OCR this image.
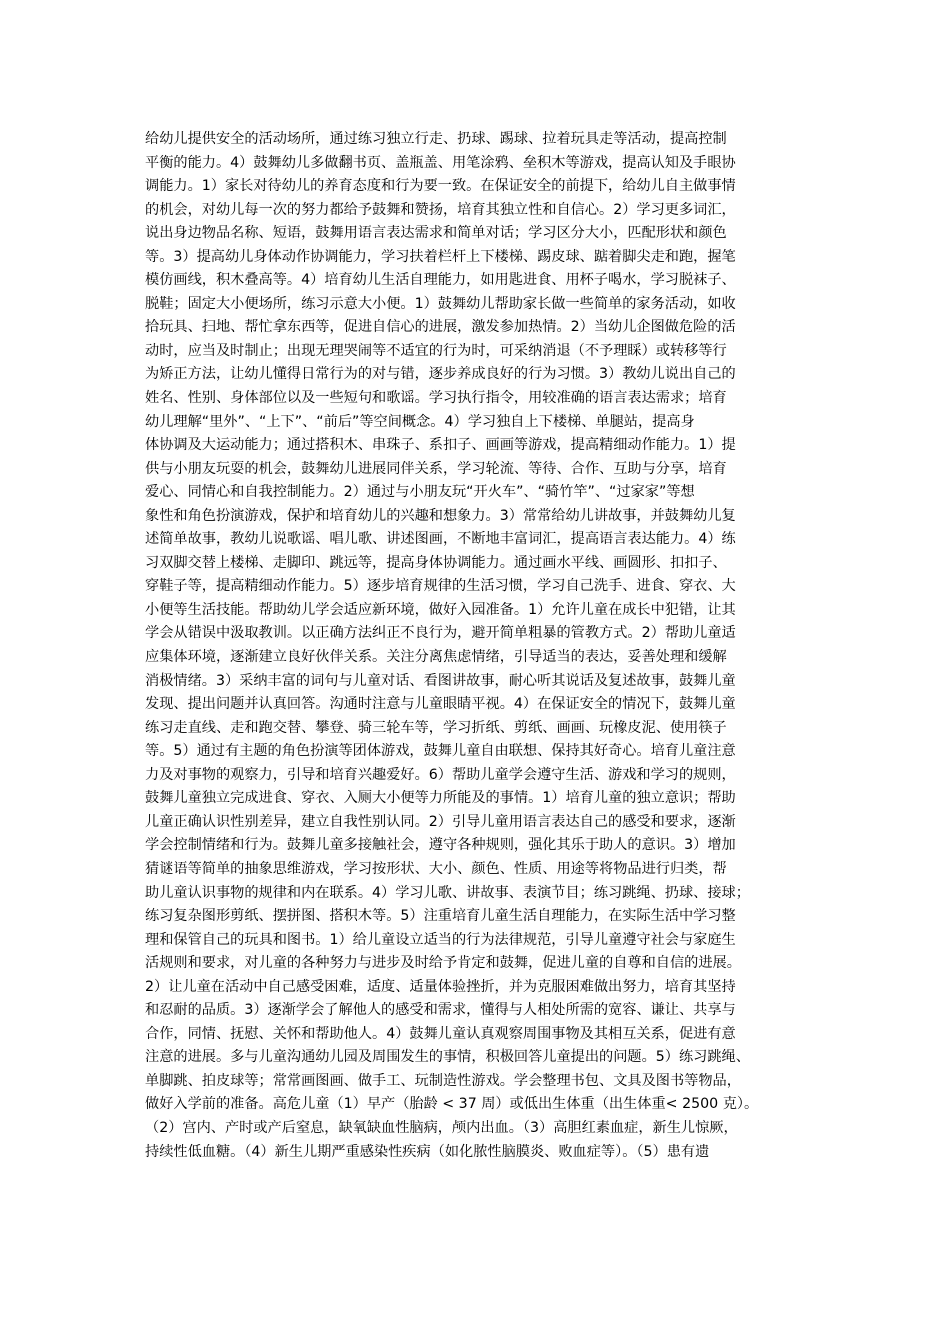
给幼儿提供安全的活动场所，通过练习独立行走、扔球、踢球、拉着玩具走等活动，提高控制
平衡的能力。4）鼓舞幼儿多做翻书页、盖瓶盖、用笔涂鸦、垒积木等游戏，提高认知及手眼协
调能力。1）家长对待幼儿的养育态度和行为要一致。在保证安全的前提下，给幼儿自主做事情
的机会，对幼儿每一次的努力都给予鼓舞和赞扬，培育其独立性和自信心。2）学习更多词汇，
说出身边物品名称、短语，鼓舞用语言表达需求和简单对话；学习区分大小，匹配形状和颜色
等。3）提高幼儿身体动作协调能力，学习扶着栏杆上下楼梯、踢皮球、踮着脚尖走和跑，握笔
模仿画线，积木叠高等。4）培育幼儿生活自理能力，如用匙进食、用杯子喝水，学习脱袜子、
脱鞋；固定大小便场所，练习示意大小便。1）鼓舞幼儿帮助家长做一些简单的家务活动，如收
拾玩具、扫地、帮忙拿东西等，促进自信心的进展，激发参加热情。2）当幼儿企图做危险的活
动时，应当及时制止；出现无理哭闹等不适宜的行为时，可采纳消退（不予理睬）或转移等行
为矫正方法，让幼儿懂得日常行为的对与错，逐步养成良好的行为习惯。3）教幼儿说出自己的
姓名、性别、身体部位以及一些短句和歌谣。学习执行指令，用较准确的语言表达需求；培育
幼儿理解“里外”、“上下”、“前后”等空间概念。4）学习独自上下楼梯、单腿站，提高身
体协调及大运动能力；通过搭积木、串珠子、系扣子、画画等游戏，提高精细动作能力。1）提
供与小朋友玩耍的机会，鼓舞幼儿进展同伴关系，学习轮流、等待、合作、互助与分享，培育
爱心、同情心和自我控制能力。2）通过与小朋友玩“开火车”、“骑竹竿”、“过家家”等想
象性和角色扮演游戏，保护和培育幼儿的兴趣和想象力。3）常常给幼儿讲故事，并鼓舞幼儿复
述简单故事，教幼儿说歌谣、唱儿歌、讲述图画，不断地丰富词汇，提高语言表达能力。4）练
习双脚交替上楼梯、走脚印、跳远等，提高身体协调能力。通过画水平线、画圆形、扣扣子、
穿鞋子等，提高精细动作能力。5）逐步培育规律的生活习惯，学习自己洗手、进食、穿衣、大
小便等生活技能。帮助幼儿学会适应新环境，做好入园准备。1）允许儿童在成长中犯错，让其
学会从错误中汲取教训。以正确方法纠正不良行为，避开简单粗暴的管教方式。2）帮助儿童适
应集体环境，逐渐建立良好伙伴关系。关注分离焦虑情绪，引导适当的表达，妥善处理和缓解
消极情绪。3）采纳丰富的词句与儿童对话、看图讲故事，耐心听其说话及复述故事，鼓舞儿童
发现、提出问题并认真回答。沟通时注意与儿童眼睛平视。4）在保证安全的情况下，鼓舞儿童
练习走直线、走和跑交替、攀登、骑三轮车等，学习折纸、剪纸、画画、玩橡皮泥、使用筷子
等。5）通过有主题的角色扮演等团体游戏，鼓舞儿童自由联想、保持其好奇心。培育儿童注意
力及对事物的观察力，引导和培育兴趣爱好。6）帮助儿童学会遵守生活、游戏和学习的规则，
鼓舞儿童独立完成进食、穿衣、入厕大小便等力所能及的事情。1）培育儿童的独立意识；帮助
儿童正确认识性别差异，建立自我性别认同。2）引导儿童用语言表达自己的感受和要求，逐渐
学会控制情绪和行为。鼓舞儿童多接触社会，遵守各种规则，强化其乐于助人的意识。3）增加
猜谜语等简单的抽象思维游戏，学习按形状、大小、颜色、性质、用途等将物品进行归类，帮
助儿童认识事物的规律和内在联系。4）学习儿歌、讲故事、表演节目；练习跳绳、扔球、接球；
练习复杂图形剪纸、摆拼图、搭积木等。5）注重培育儿童生活自理能力，在实际生活中学习整
理和保管自己的玩具和图书。1）给儿童设立适当的行为法律规范，引导儿童遵守社会与家庭生
活规则和要求，对儿童的各种努力与进步及时给予肯定和鼓舞，促进儿童的自尊和自信的进展。
2）让儿童在活动中自己感受困难，适度、适量体验挫折，并为克服困难做出努力，培育其坚持
和忍耐的品质。3）逐渐学会了解他人的感受和需求，懂得与人相处所需的宽容、谦让、共享与
合作，同情、抚慰、关怀和帮助他人。4）鼓舞儿童认真观察周围事物及其相互关系，促进有意
注意的进展。多与儿童沟通幼儿园及周围发生的事情，积极回答儿童提出的问题。5）练习跳绳、
单脚跳、拍皮球等；常常画图画、做手工、玩制造性游戏。学会整理书包、文具及图书等物品，
做好入学前的准备。高危儿童（1）早产（胎龄 < 37 周）或低出生体重（出生体重< 2500 克）。
（2）宫内、产时或产后窒息，缺氧缺血性脑病，颅内出血。（3）高胆红素血症，新生儿惊厥，
持续性低血糖。（4）新生儿期严重感染性疾病（如化脓性脑膜炎、败血症等）。（5）患有遗
